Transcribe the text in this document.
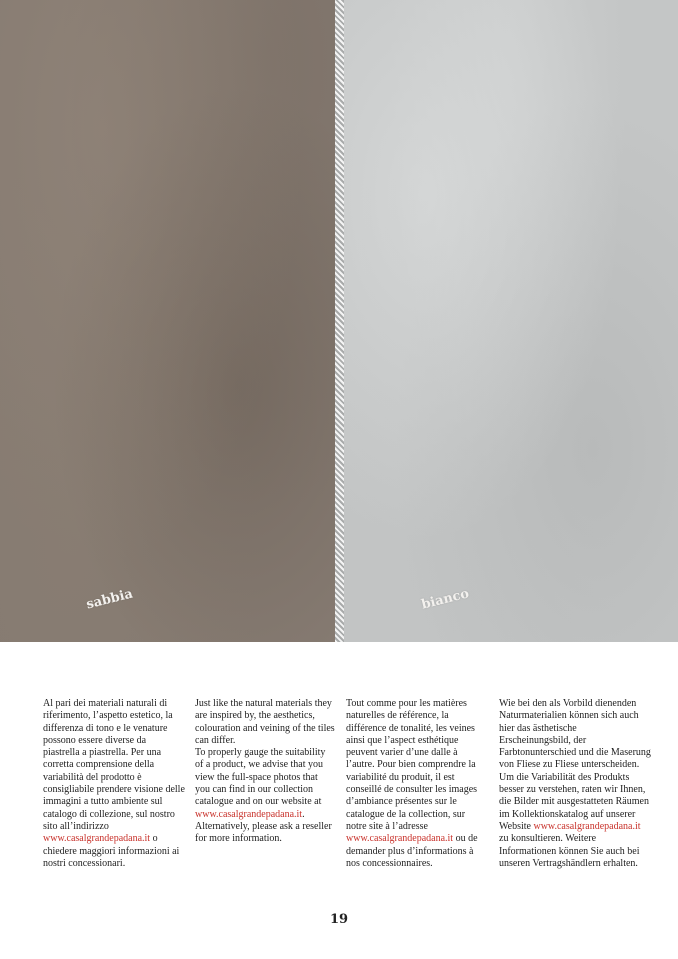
sabbia	bianco

Al pari dei materiali naturali di riferimento, l’aspetto estetico, la differenza di tono e le venature possono essere diverse da piastrella a piastrella. Per una corretta comprensione della variabilità del prodotto è consigliabile prendere visione delle immagini a tutto ambiente sul catalogo di collezione, sul nostro sito all’indirizzo www.casalgrandepadana.it o chiedere maggiori informazioni ai nostri concessionari.

Just like the natural materials they are inspired by, the aesthetics, colouration and veining of the tiles can differ.

To properly gauge the suitability of a product, we advise that you view the full-space photos that you can find in our collection catalogue and on our website at www.casalgrandepadana.it. Alternatively, please ask a reseller for more information.

Tout comme pour les matières naturelles de référence, la différence de tonalité, les veines ainsi que l’aspect esthétique peuvent varier d’une dalle à l’autre. Pour bien comprendre la variabilité du produit, il est conseillé de consulter les images d’ambiance présentes sur le catalogue de la collection, sur notre site à l’adresse www.casalgrandepadana.it ou de demander plus d’informations à nos concessionnaires.

Wie bei den als Vorbild dienenden Naturmaterialien können sich auch hier das ästhetische Erscheinungsbild, der Farbtonunterschied und die Maserung von Fliese zu Fliese unterscheiden. Um die Variabilität des Produkts besser zu verstehen, raten wir Ihnen, die Bilder mit ausgestatteten Räumen im Kollektionskatalog auf unserer Website www.casalgrandepadana.it zu konsultieren. Weitere Informationen können Sie auch bei unseren Vertragshändlern erhalten.

19
